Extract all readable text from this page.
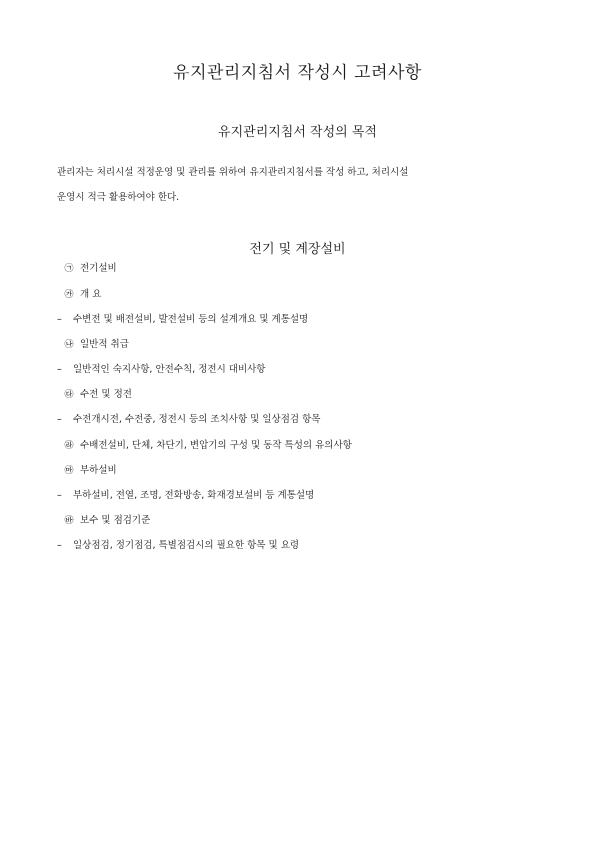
유지관리지침서 작성시 고려사항
유지관리지침서 작성의 목적
관리자는 처리시설 적정운영 및 관리를 위하여 유지관리지침서를 작성 하고, 처리시설
운영시 적극 활용하여야 한다.
전기 및 계장설비
㉠ 전기설비
㉮ 개 요
– 수변전 및 배전설비, 발전설비 등의 설계개요 및 계통설명
㉯ 일반적 취급
– 일반적인 숙지사항, 안전수칙, 정전시 대비사항
㉰ 수전 및 정전
– 수전개시전, 수전중, 정전시 등의 조치사항 및 일상점검 항목
㉱ 수배전설비, 단체, 차단기, 변압기의 구성 및 동작 특성의 유의사항
㉲ 부하설비
– 부하설비, 전열, 조명, 전화방송, 화재경보설비 등 계통설명
㉳ 보수 및 점검기준
– 일상점검, 정기점검, 특별점검시의 필요한 항목 및 요령
